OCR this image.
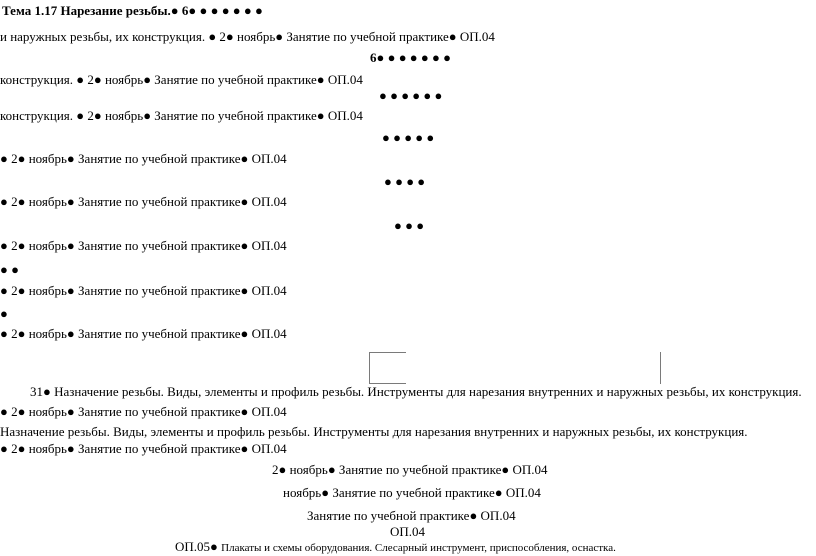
Тема 1.17 Нарезание резьбы.● 6● ● ● ● ● ● ●
и наружных резьбы, их конструкция. ● 2● ноябрь● Занятие по учебной практике● ОП.04
6● ● ● ● ● ● ●
конструкция. ● 2● ноябрь● Занятие по учебной практике● ОП.04
● ● ● ● ● ●
конструкция. ● 2● ноябрь● Занятие по учебной практике● ОП.04
● ● ● ● ●
● 2● ноябрь● Занятие по учебной практике● ОП.04
● ● ● ●
● 2● ноябрь● Занятие по учебной практике● ОП.04
● ● ●
● 2● ноябрь● Занятие по учебной практике● ОП.04
● ●
● 2● ноябрь● Занятие по учебной практике● ОП.04
●
● 2● ноябрь● Занятие по учебной практике● ОП.04
31● Назначение резьбы. Виды, элементы и профиль резьбы. Инструменты для нарезания внутренних и наружных резьбы, их конструкция.
● 2● ноябрь● Занятие по учебной практике● ОП.04
Назначение резьбы. Виды, элементы и профиль резьбы. Инструменты для нарезания внутренних и наружных резьбы, их конструкция.
● 2● ноябрь● Занятие по учебной практике● ОП.04
2● ноябрь● Занятие по учебной практике● ОП.04
ноябрь● Занятие по учебной практике● ОП.04
Занятие по учебной практике● ОП.04
ОП.04
ОП.05● Плакаты и схемы оборудования. Слесарный инструмент, приспособления, оснастка.
